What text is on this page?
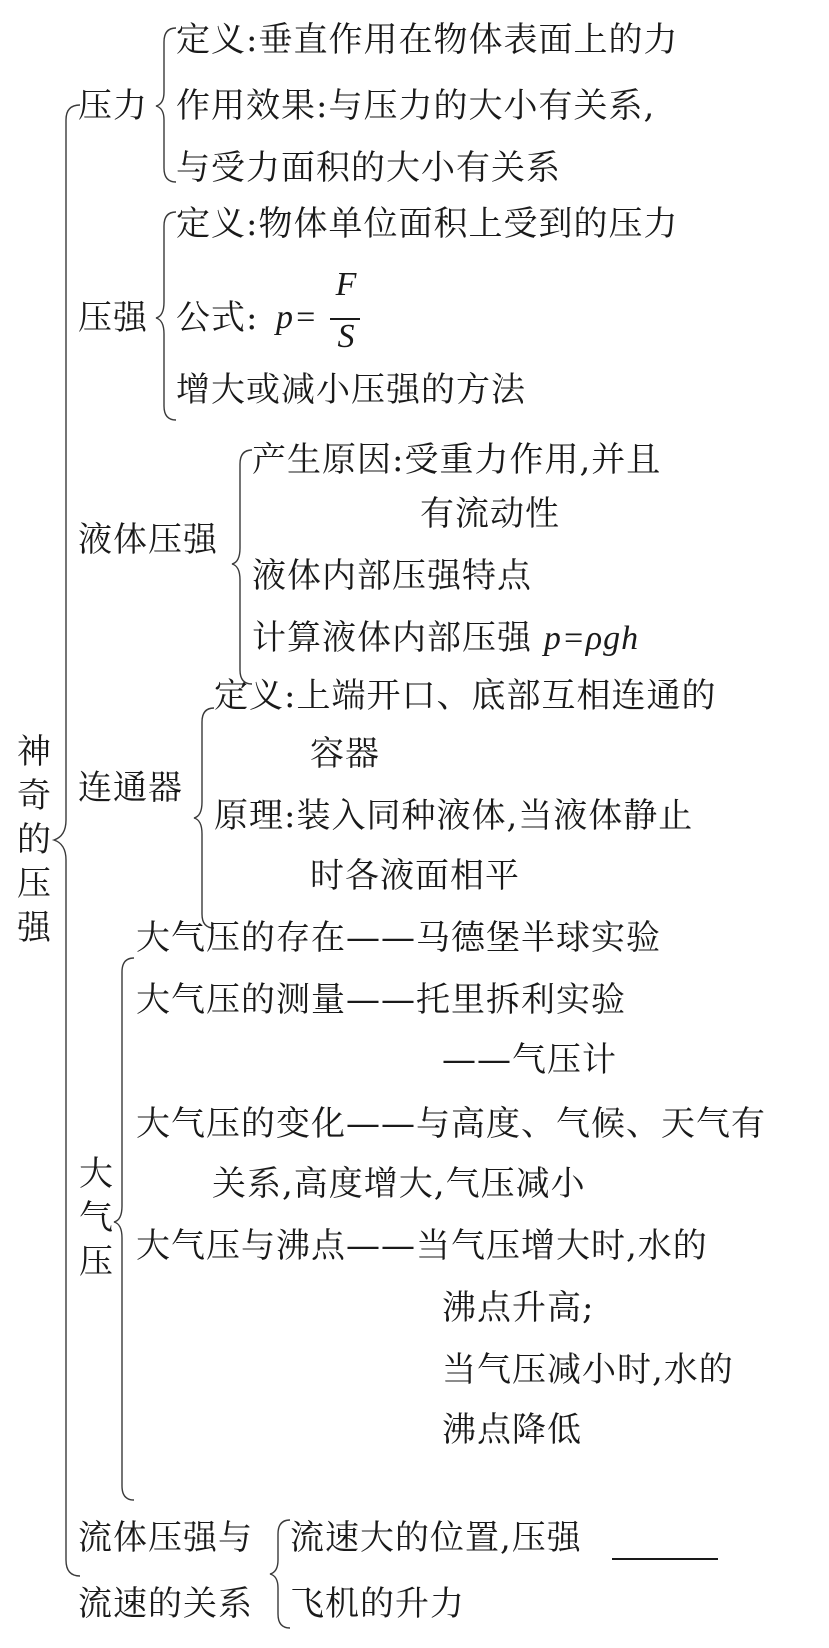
神
奇
的
压
强
压力
定义:垂直作用在物体表面上的力
作用效果:与压力的大小有关系,
与受力面积的大小有关系
压强
定义:物体单位面积上受到的压力
公式: p=
F
S
增大或减小压强的方法
液体压强
产生原因:受重力作用,并且
有流动性
液体内部压强特点
计算液体内部压强 p=ρgh
连通器
定义:上端开口、底部互相连通的
容器
原理:装入同种液体,当液体静止
时各液面相平
大
气
压
大气压的存在——马德堡半球实验
大气压的测量——托里拆利实验
——气压计
大气压的变化——与高度、气候、天气有
关系,高度增大,气压减小
大气压与沸点——当气压增大时,水的
沸点升高;
当气压减小时,水的
沸点降低
流体压强与
流速的关系
流速大的位置,压强
飞机的升力
